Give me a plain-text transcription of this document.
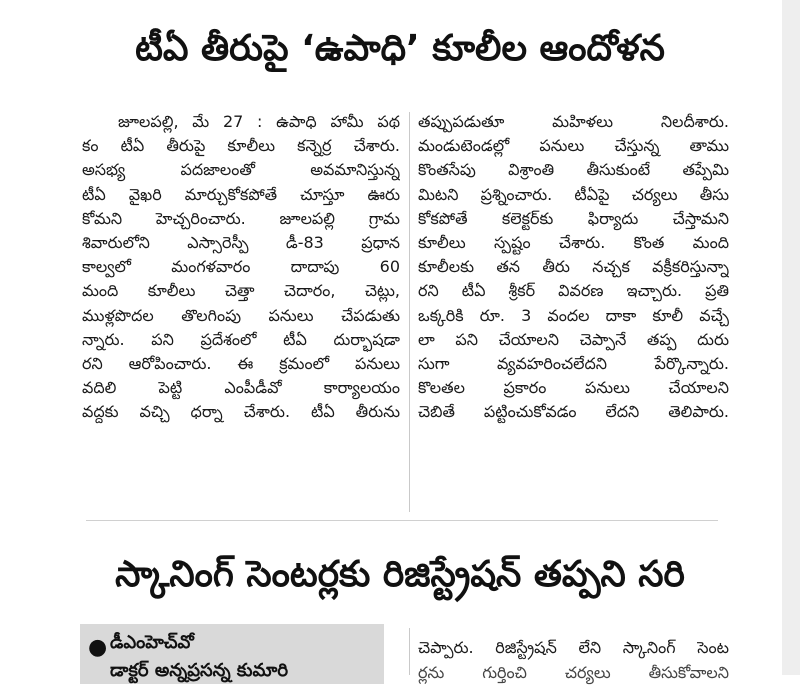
టీఏ తీరుపై ‘ఉపాధి’ కూలీల ఆందోళన
జూలపల్లి, మే 27 : ఉపాధి హామీ పథ
కం టీఏ తీరుపై కూలీలు కన్నెర్ర చేశారు.
అసభ్య పదజాలంతో అవమానిస్తున్న
టీఏ వైఖరి మార్చుకోకపోతే చూస్తూ ఊరు
కోమని హెచ్చరించారు. జూలపల్లి గ్రామ
శివారులోని ఎస్సారెస్పీ డీ-83 ప్రధాన
కాల్వలో మంగళవారం దాదాపు 60
మంది కూలీలు చెత్తా చెదారం, చెట్లు,
ముళ్లపొదల తొలగింపు పనులు చేపడుతు
న్నారు. పని ప్రదేశంలో టీఏ దుర్భాషడా
రని ఆరోపించారు. ఈ క్రమంలో పనులు
వదిలి పెట్టి ఎంపీడీవో కార్యాలయం
వద్దకు వచ్చి ధర్నా చేశారు. టీఏ తీరును
తప్పుపడుతూ మహిళలు నిలదీశారు.
మండుటెండల్లో పనులు చేస్తున్న తాము
కొంతసేపు విశ్రాంతి తీసుకుంటే తప్పేమి
మిటని ప్రశ్నించారు. టీఏపై చర్యలు తీసు
కోకపోతే కలెక్టర్‌కు ఫిర్యాదు చేస్తామని
కూలీలు స్పష్టం చేశారు. కొంత మంది
కూలీలకు తన తీరు నచ్చక వక్రీకరిస్తున్నా
రని టీఏ శ్రీకర్ వివరణ ఇచ్చారు. ప్రతి
ఒక్కరికి రూ. 3 వందల దాకా కూలీ వచ్చే
లా పని చేయాలని చెప్పానే తప్ప దురు
సుగా వ్యవహరించలేదని పేర్కొన్నారు.
కొలతల ప్రకారం పనులు చేయాలని
చెబితే పట్టించుకోవడం లేదని తెలిపారు.
స్కానింగ్ సెంటర్లకు రిజిస్ట్రేషన్ తప్పని సరి
● డీఎంహెచ్‌వో
డాక్టర్ అన్నప్రసన్న కుమారి
చెప్పారు. రిజిస్ట్రేషన్ లేని స్కానింగ్ సెంట
ర్లను గుర్తించి చర్యలు తీసుకోవాలని
